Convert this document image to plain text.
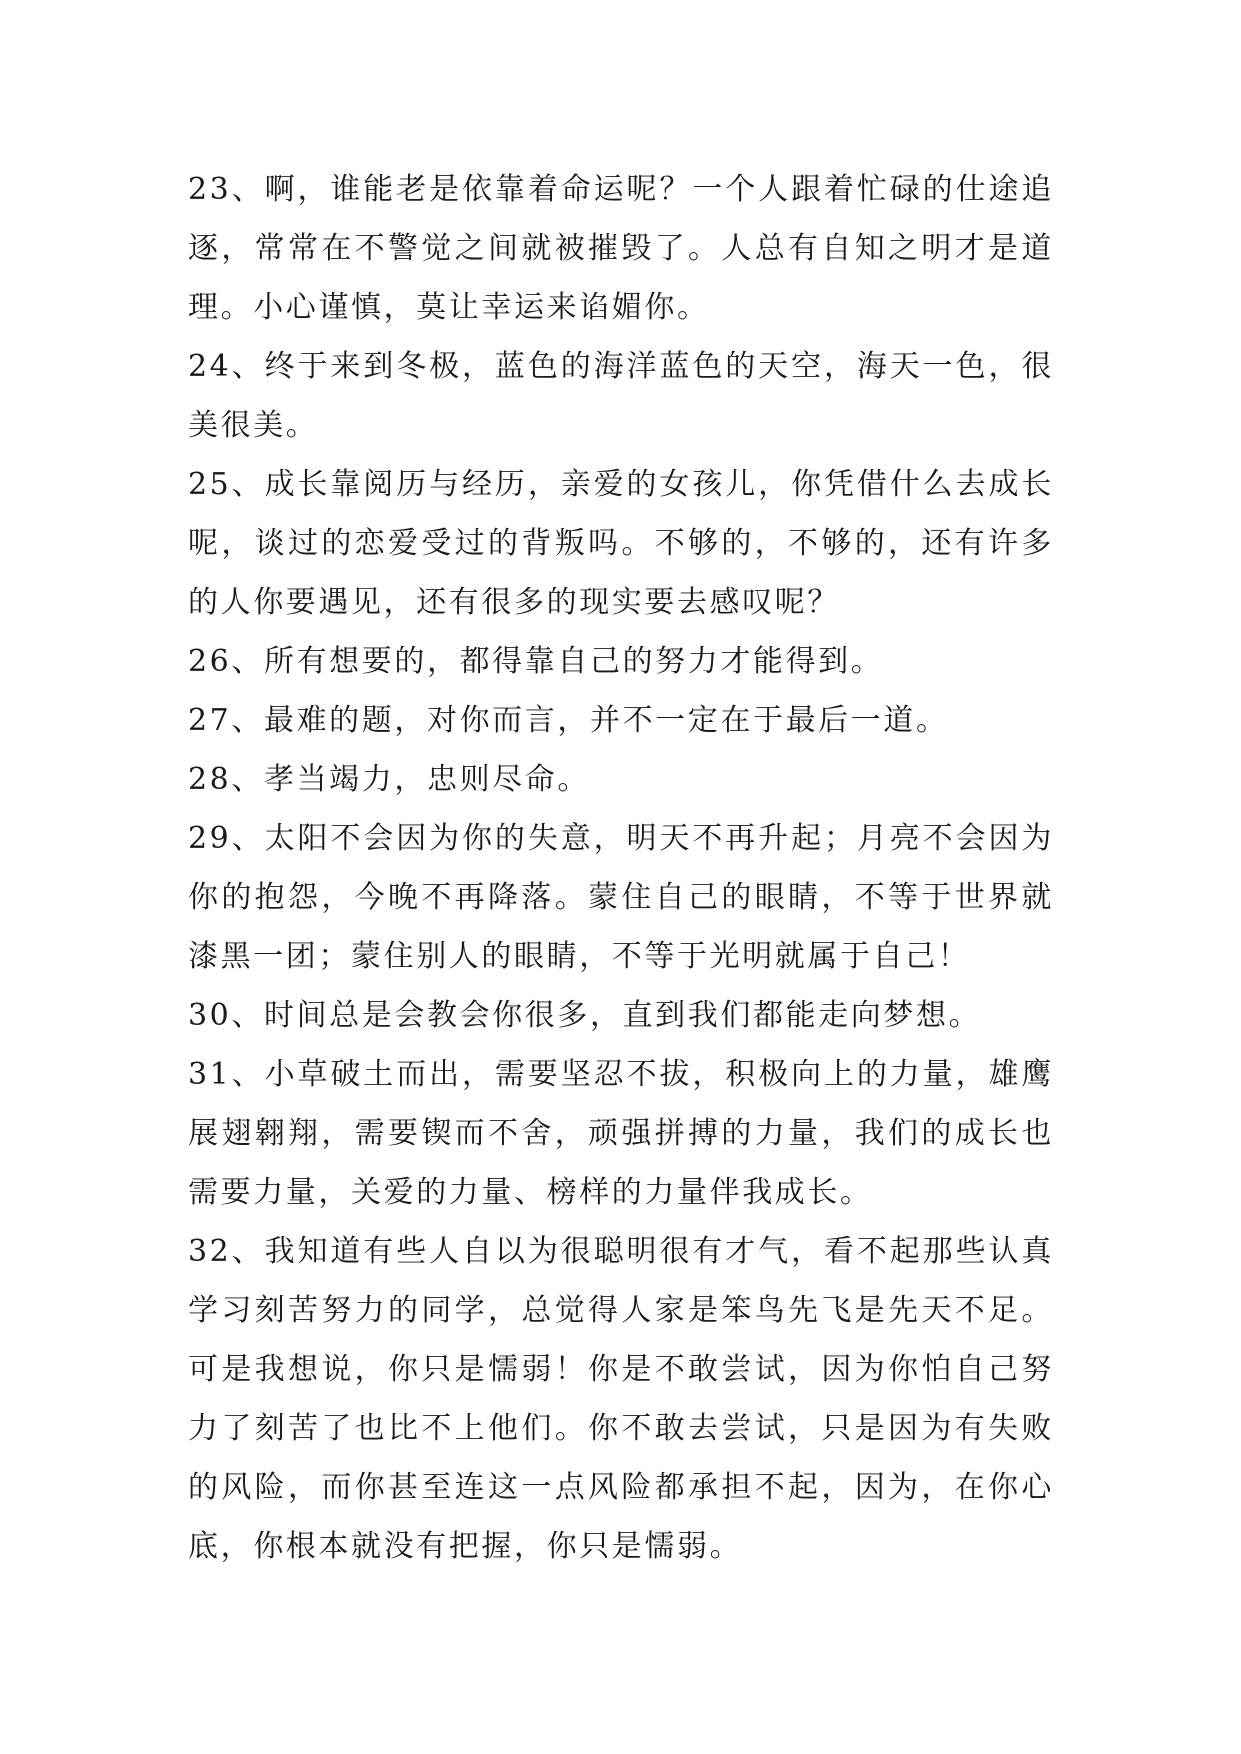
23、啊，谁能老是依靠着命运呢？一个人跟着忙碌的仕途追逐，常常在不警觉之间就被摧毁了。人总有自知之明才是道理。小心谨慎，莫让幸运来谄媚你。

24、终于来到冬极，蓝色的海洋蓝色的天空，海天一色，很美很美。

25、成长靠阅历与经历，亲爱的女孩儿，你凭借什么去成长呢，谈过的恋爱受过的背叛吗。不够的，不够的，还有许多的人你要遇见，还有很多的现实要去感叹呢？

26、所有想要的，都得靠自己的努力才能得到。

27、最难的题，对你而言，并不一定在于最后一道。

28、孝当竭力，忠则尽命。

29、太阳不会因为你的失意，明天不再升起；月亮不会因为你的抱怨，今晚不再降落。蒙住自己的眼睛，不等于世界就漆黑一团；蒙住别人的眼睛，不等于光明就属于自己！

30、时间总是会教会你很多，直到我们都能走向梦想。

31、小草破土而出，需要坚忍不拔，积极向上的力量，雄鹰展翅翱翔，需要锲而不舍，顽强拼搏的力量，我们的成长也需要力量，关爱的力量、榜样的力量伴我成长。

32、我知道有些人自以为很聪明很有才气，看不起那些认真学习刻苦努力的同学，总觉得人家是笨鸟先飞是先天不足。可是我想说，你只是懦弱！你是不敢尝试，因为你怕自己努力了刻苦了也比不上他们。你不敢去尝试，只是因为有失败的风险，而你甚至连这一点风险都承担不起，因为，在你心底，你根本就没有把握，你只是懦弱。
